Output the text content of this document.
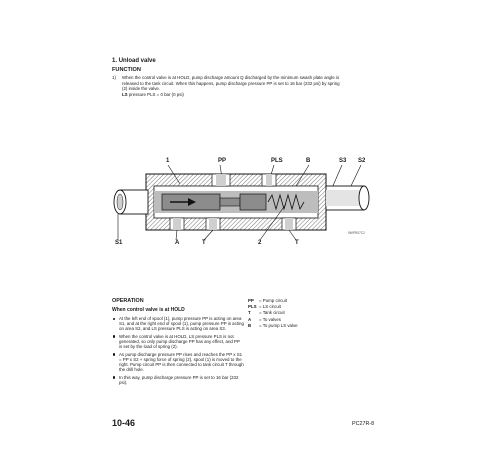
1. Unload valve
FUNCTION
1) When the control valve is at HOLD, pump discharge amount Q discharged by the minimum swash plate angle is
released to the tank circuit. When this happens, pump discharge pressure PP is set to 16 bar (232 psi) by spring
(2) inside the valve.
LS pressure PLS = 0 bar (0 psi)
1	PP	PLS	B	S3 S2
S1	A	T	2	T
9WPR07C2
OPERATION
When control valve is at HOLD
At the left end of spool (1), pump pressure PP is acting on area S1, and at the right end of spool (1), pump pressure PP is acting on area S2, and LS pressure PLS is acting on area S3.
When the control valve is at HOLD, LS pressure PLS is not generated, so only pump discharge PP has any effect, and PP is set by the load of spring (2).
As pump discharge pressure PP rises and reaches the PP x S1 = PP x S2 + spring force of spring (2), spool (1) is moved to the right. Pump circuit PP is then connected to tank circuit T through the drill hole.
In this way, pump discharge pressure PP is set to 16 bar (232 psi).
PP = Pump circuit
PLS = LS circuit
T = Tank circuit
A = To valves
B = To pump LS valve
10-46	PC27R-8
